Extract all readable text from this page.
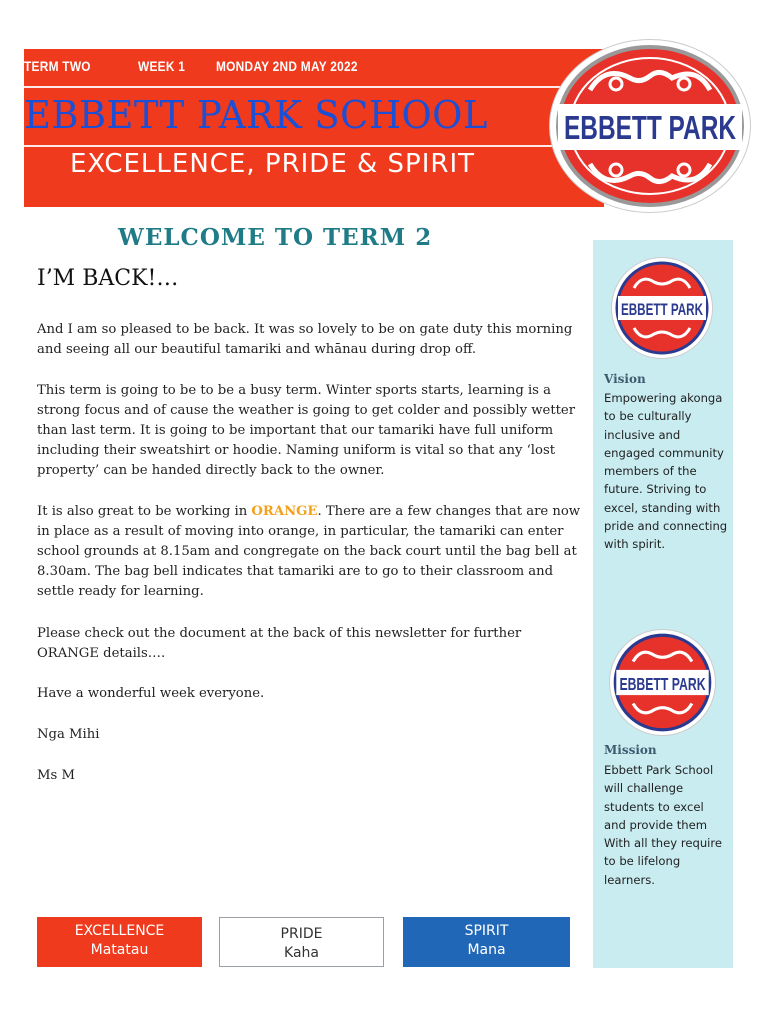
TERM TWO	WEEK 1 MONDAY 2ND MAY 2022
EBBETT PARK SCHOOL
EXCELLENCE, PRIDE & SPIRIT
EBBETT PARK
WELCOME TO TERM 2
I’M BACK!…

And I am so pleased to be back. It was so lovely to be on gate duty this morning and seeing all our beautiful tamariki and whānau during drop off.

This term is going to be to be a busy term. Winter sports starts, learning is a strong focus and of cause the weather is going to get colder and possibly wetter than last term. It is going to be important that our tamariki have full uniform including their sweatshirt or hoodie. Naming uniform is vital so that any ‘lost property’ can be handed directly back to the owner.

It is also great to be working in ORANGE. There are a few changes that are now in place as a result of moving into orange, in particular, the tamariki can enter school grounds at 8.15am and congregate on the back court until the bag bell at 8.30am. The bag bell indicates that tamariki are to go to their classroom and settle ready for learning.

Please check out the document at the back of this newsletter for further ORANGE details….

Have a wonderful week everyone.

Nga Mihi

Ms M

EBBETT PARK
Vision

Empowering akonga to be culturally inclusive and engaged community members of the future. Striving to excel, standing with pride and connecting with spirit.

EBBETT PARK
Mission

Ebbett Park School will challenge students to excel and provide them With all they require to be lifelong learners.

EXCELLENCE
Matatau
PRIDE
Kaha
SPIRIT
Mana
